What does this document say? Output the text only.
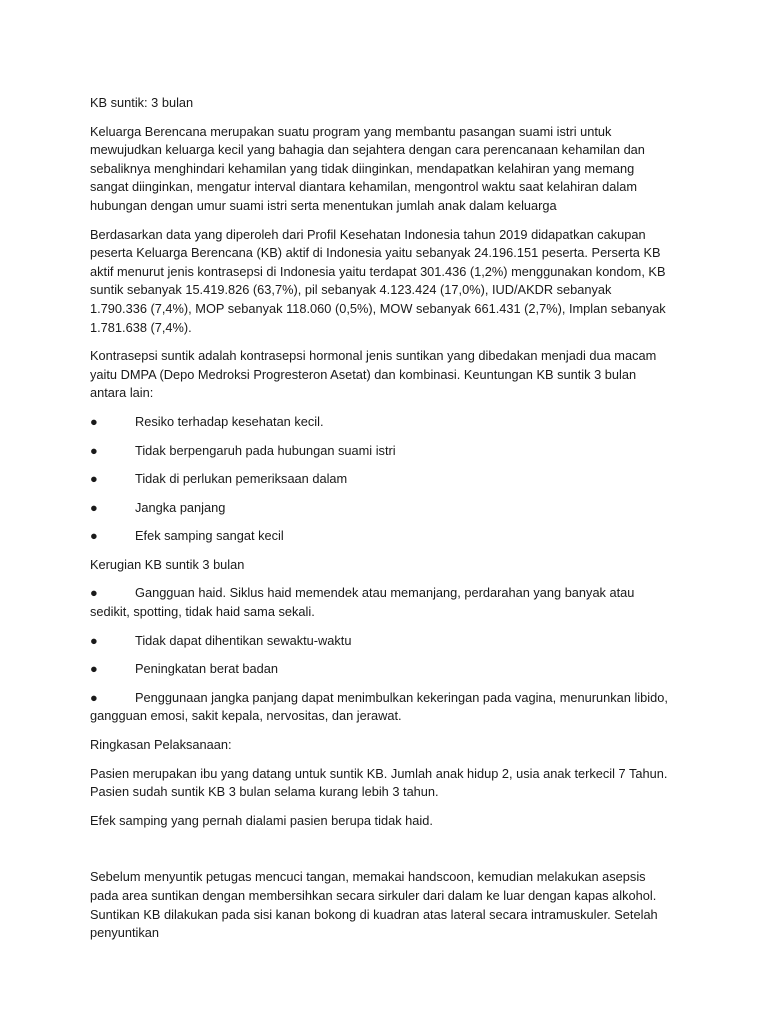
KB suntik: 3 bulan

Keluarga Berencana merupakan suatu program yang membantu pasangan suami istri untuk mewujudkan keluarga kecil yang bahagia dan sejahtera dengan cara perencanaan kehamilan dan sebaliknya menghindari kehamilan yang tidak diinginkan, mendapatkan kelahiran yang memang sangat diinginkan, mengatur interval diantara kehamilan, mengontrol waktu saat kelahiran dalam hubungan dengan umur suami istri serta menentukan jumlah anak dalam keluarga

Berdasarkan data yang diperoleh dari Profil Kesehatan Indonesia tahun 2019 didapatkan cakupan peserta Keluarga Berencana (KB) aktif di Indonesia yaitu sebanyak 24.196.151 peserta. Perserta KB aktif menurut jenis kontrasepsi di Indonesia yaitu terdapat 301.436 (1,2%) menggunakan kondom, KB suntik sebanyak 15.419.826 (63,7%), pil sebanyak 4.123.424 (17,0%), IUD/AKDR sebanyak 1.790.336 (7,4%), MOP sebanyak 118.060 (0,5%), MOW sebanyak 661.431 (2,7%), Implan sebanyak 1.781.638 (7,4%).

Kontrasepsi suntik adalah kontrasepsi hormonal jenis suntikan yang dibedakan menjadi dua macam yaitu DMPA (Depo Medroksi Progresteron Asetat) dan kombinasi. Keuntungan KB suntik 3 bulan antara lain:

●	Resiko terhadap kesehatan kecil.
●	Tidak berpengaruh pada hubungan suami istri
●	Tidak di perlukan pemeriksaan dalam
●	Jangka panjang
●	Efek samping sangat kecil

Kerugian KB suntik 3 bulan

●	Gangguan haid. Siklus haid memendek atau memanjang, perdarahan yang banyak atau sedikit, spotting, tidak haid sama sekali.

●	Tidak dapat dihentikan sewaktu-waktu
●	Peningkatan berat badan

●	Penggunaan jangka panjang dapat menimbulkan kekeringan pada vagina, menurunkan libido, gangguan emosi, sakit kepala, nervositas, dan jerawat.

Ringkasan Pelaksanaan:

Pasien merupakan ibu yang datang untuk suntik KB. Jumlah anak hidup 2, usia anak terkecil 7 Tahun. Pasien sudah suntik KB 3 bulan selama kurang lebih 3 tahun.

Efek samping yang pernah dialami pasien berupa tidak haid.

Sebelum menyuntik petugas mencuci tangan, memakai handscoon, kemudian melakukan asepsis pada area suntikan dengan membersihkan secara sirkuler dari dalam ke luar dengan kapas alkohol. Suntikan KB dilakukan pada sisi kanan bokong di kuadran atas lateral secara intramuskuler. Setelah penyuntikan
